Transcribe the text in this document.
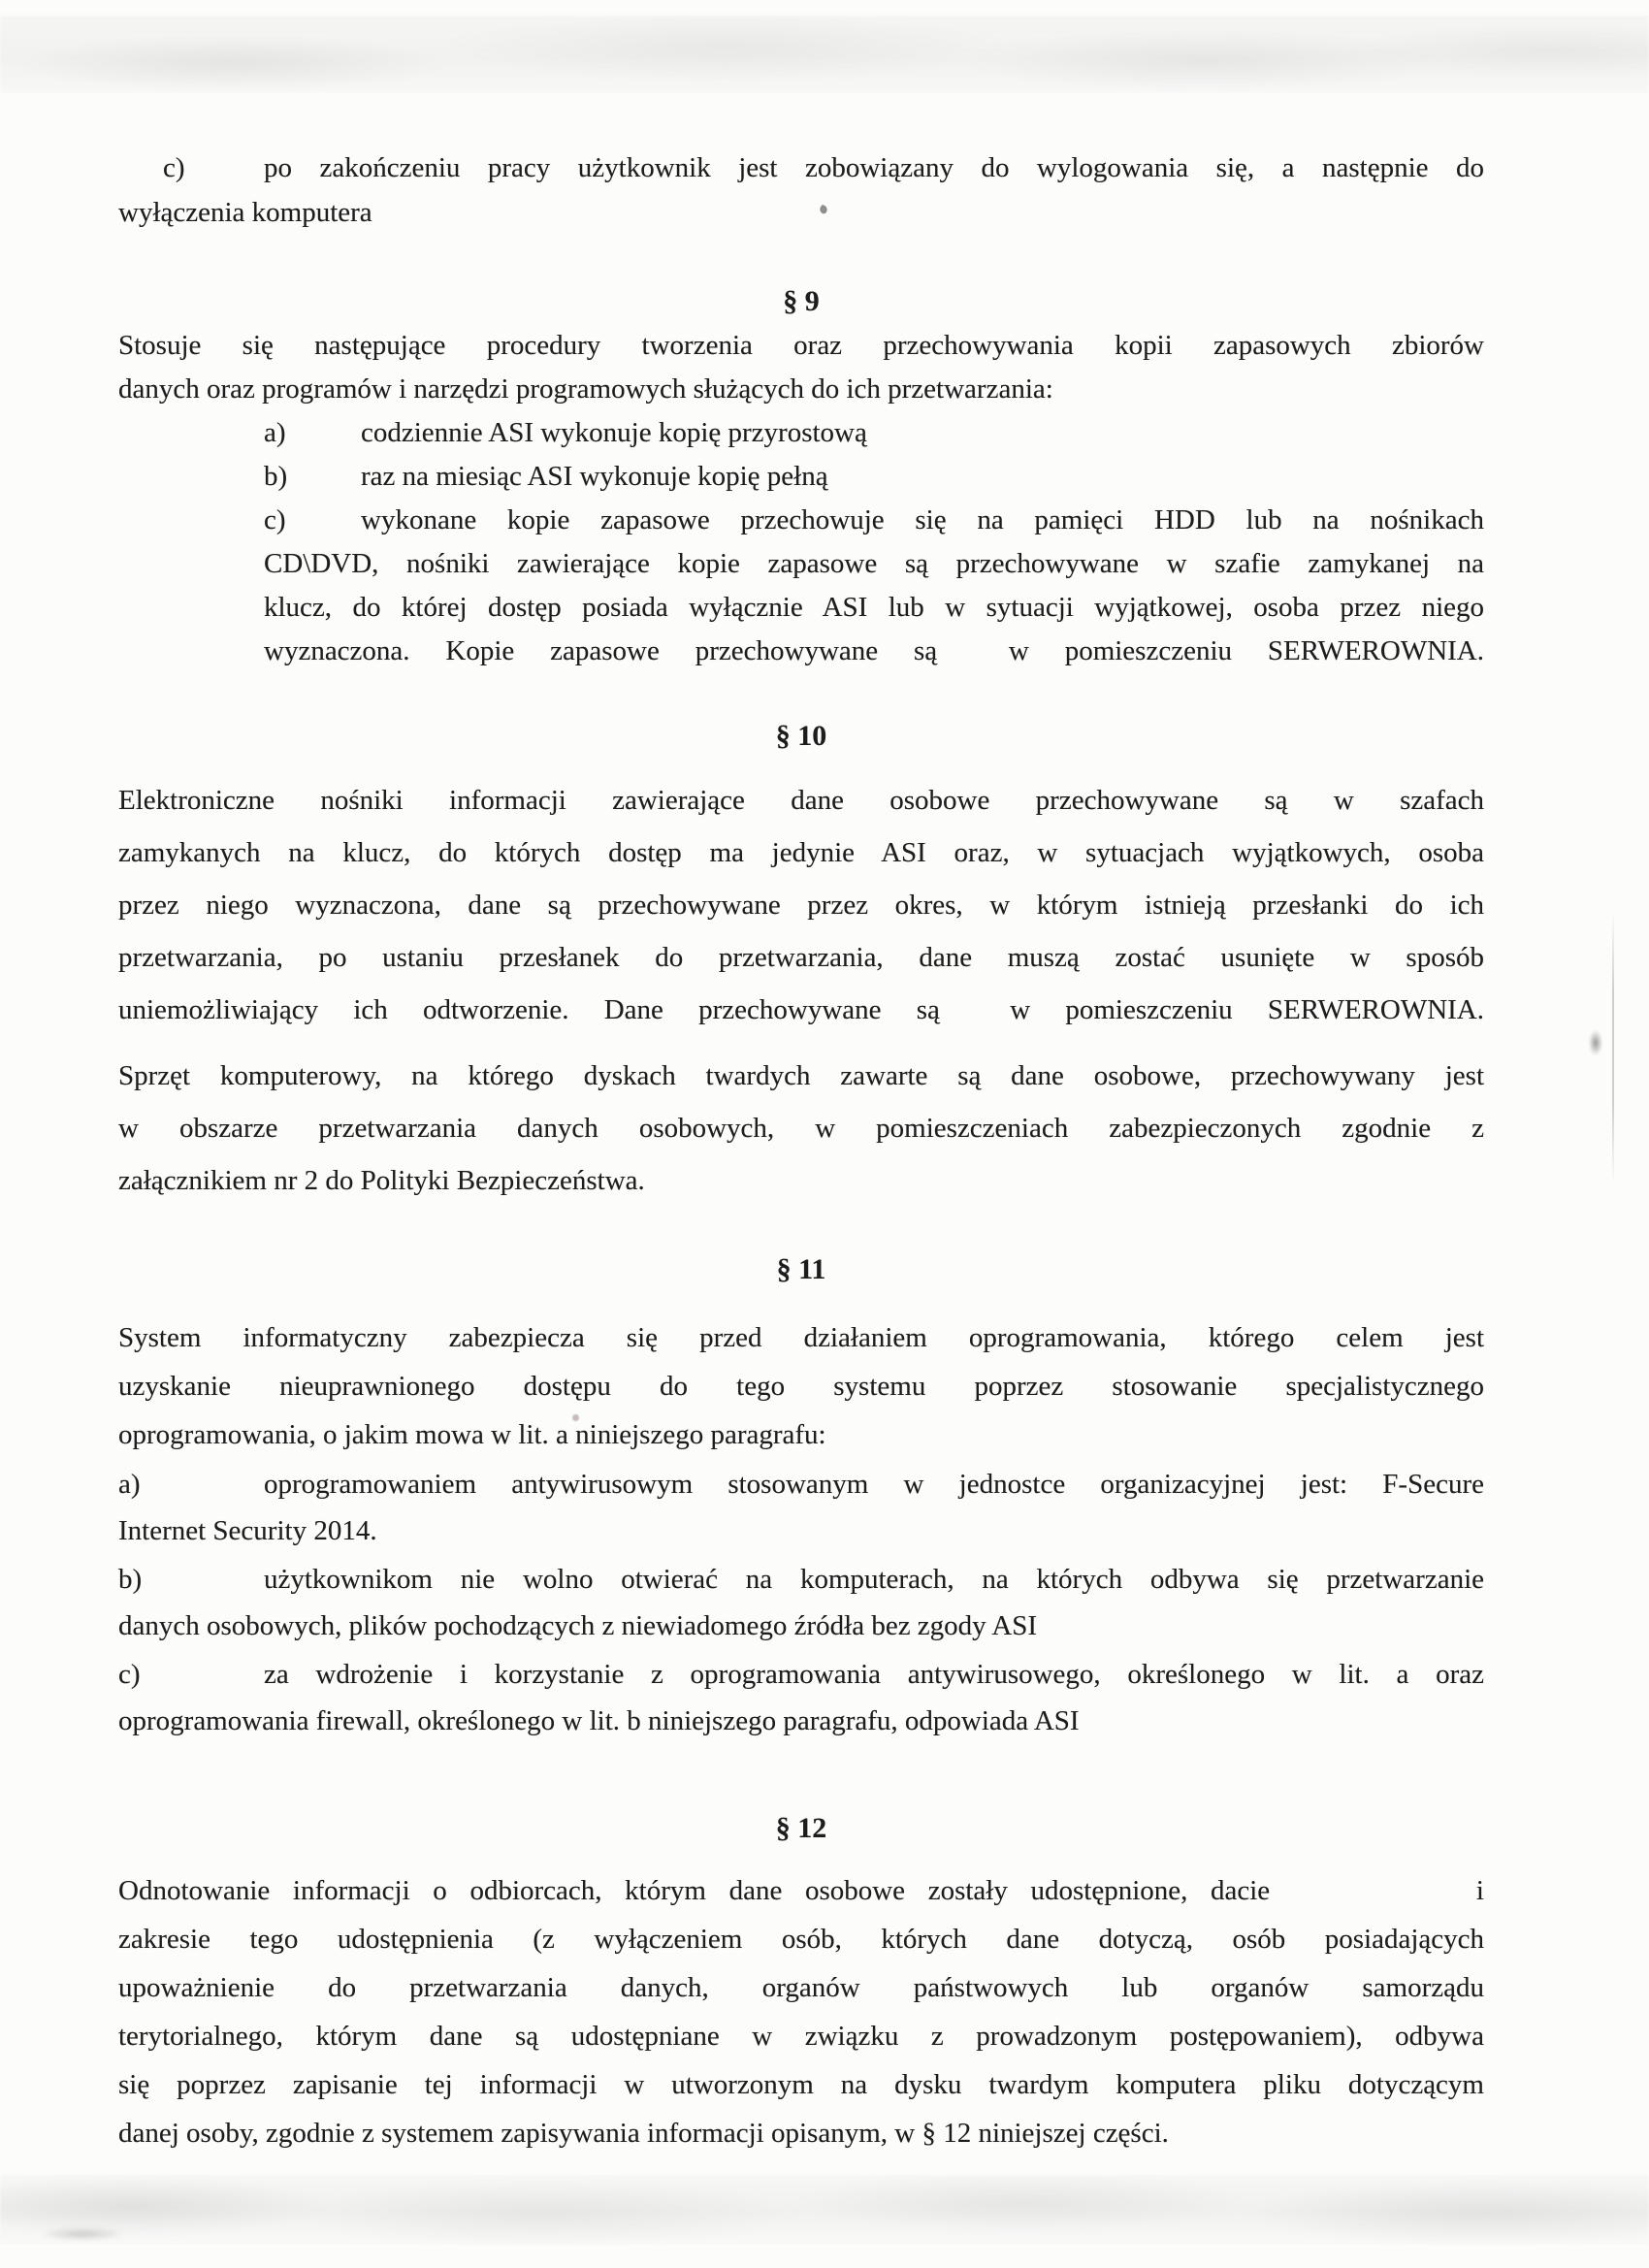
c)	po zakończeniu pracy użytkownik jest zobowiązany do wylogowania się, a następnie do
wyłączenia komputera
§ 9
Stosuje się następujące procedury tworzenia oraz przechowywania kopii zapasowych zbiorów
danych oraz programów i narzędzi programowych służących do ich przetwarzania:
a)	codziennie ASI wykonuje kopię przyrostową
b)	raz na miesiąc ASI wykonuje kopię pełną
c)	wykonane kopie zapasowe przechowuje się na pamięci HDD lub na nośnikach
CD\DVD, nośniki zawierające kopie zapasowe są przechowywane w szafie zamykanej na
klucz, do której dostęp posiada wyłącznie ASI lub w sytuacji wyjątkowej, osoba przez niego
wyznaczona. Kopie zapasowe przechowywane są  w pomieszczeniu SERWEROWNIA.
§ 10
Elektroniczne nośniki informacji zawierające dane osobowe przechowywane są w szafach
zamykanych na klucz, do których dostęp ma jedynie ASI oraz, w sytuacjach wyjątkowych, osoba
przez niego wyznaczona, dane są przechowywane przez okres, w którym istnieją przesłanki do ich
przetwarzania, po ustaniu przesłanek do przetwarzania, dane muszą zostać usunięte w sposób
uniemożliwiający ich odtworzenie. Dane przechowywane są  w pomieszczeniu SERWEROWNIA.
Sprzęt komputerowy, na którego dyskach twardych zawarte są dane osobowe, przechowywany jest
w obszarze przetwarzania danych osobowych, w pomieszczeniach zabezpieczonych zgodnie z
załącznikiem nr 2 do Polityki Bezpieczeństwa.
§ 11
System informatyczny zabezpiecza się przed działaniem oprogramowania, którego celem jest
uzyskanie nieuprawnionego dostępu do tego systemu poprzez stosowanie specjalistycznego
oprogramowania, o jakim mowa w lit. a niniejszego paragrafu:
a)	oprogramowaniem antywirusowym stosowanym w jednostce organizacyjnej jest: F-Secure
Internet Security 2014.
b)	użytkownikom nie wolno otwierać na komputerach, na których odbywa się przetwarzanie
danych osobowych, plików pochodzących z niewiadomego źródła bez zgody ASI
c)	za wdrożenie i korzystanie z oprogramowania antywirusowego, określonego w lit. a oraz
oprogramowania firewall, określonego w lit. b niniejszego paragrafu, odpowiada ASI
§ 12
Odnotowanie informacji o odbiorcach, którym dane osobowe zostały udostępnione, dacie         i
zakresie tego udostępnienia (z wyłączeniem osób, których dane dotyczą, osób posiadających
upoważnienie do przetwarzania danych, organów państwowych lub organów samorządu
terytorialnego, którym dane są udostępniane w związku z prowadzonym postępowaniem), odbywa
się poprzez zapisanie tej informacji w utworzonym na dysku twardym komputera pliku dotyczącym
danej osoby, zgodnie z systemem zapisywania informacji opisanym, w § 12 niniejszej części.
